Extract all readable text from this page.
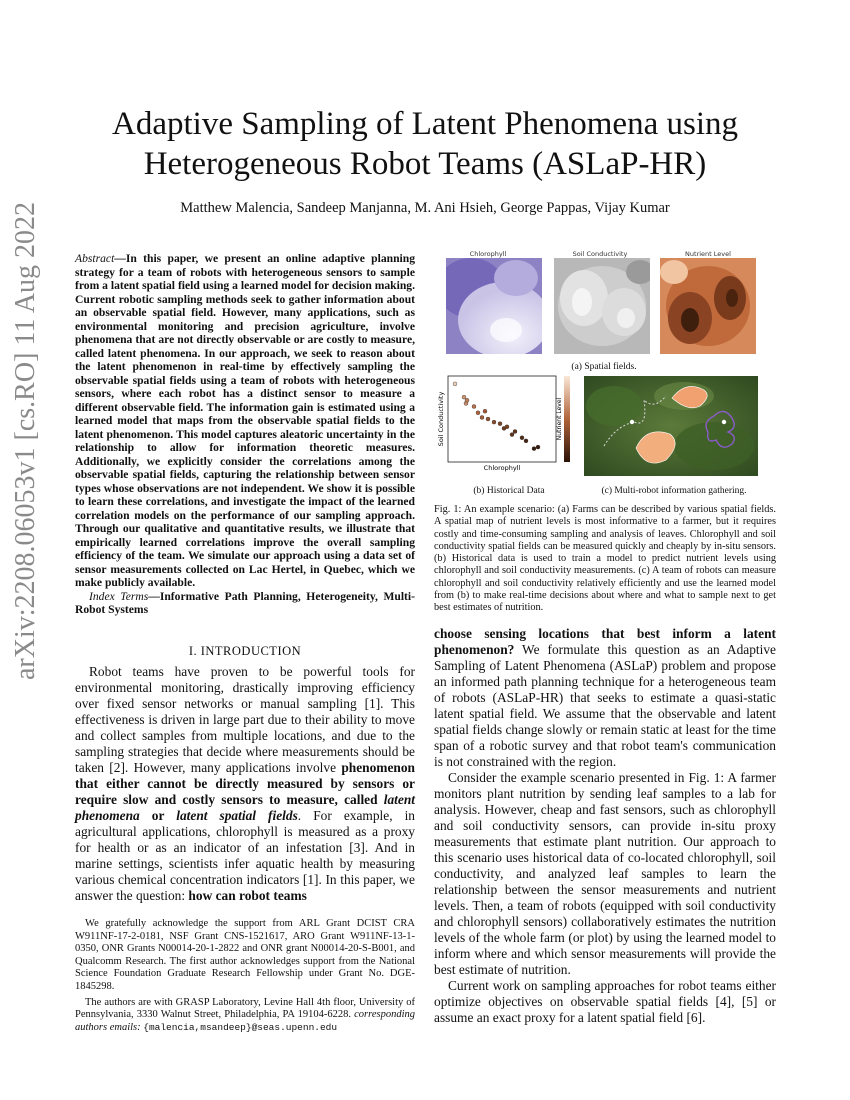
Adaptive Sampling of Latent Phenomena using Heterogeneous Robot Teams (ASLaP-HR)
Matthew Malencia, Sandeep Manjanna, M. Ani Hsieh, George Pappas, Vijay Kumar
arXiv:2208.06053v1 [cs.RO] 11 Aug 2022	Abstract—In this paper, we present an online adaptive planning strategy for a team of robots with heterogeneous sensors to sample from a latent spatial field using a learned model for decision making. Current robotic sampling methods seek to gather information about an observable spatial field. However, many applications, such as environmental monitoring and precision agriculture, involve phenomena that are not directly observable or are costly to measure, called latent phenomena. In our approach, we seek to reason about the latent phenomenon in real-time by effectively sampling the observable spatial fields using a team of robots with heterogeneous sensors, where each robot has a distinct sensor to measure a different observable field. The information gain is estimated using a learned model that maps from the observable spatial fields to the latent phenomenon. This model captures aleatoric uncertainty in the relationship to allow for information theoretic measures. Additionally, we explicitly consider the correlations among the observable spatial fields, capturing the relationship between sensor types whose observations are not independent. We show it is possible to learn these correlations, and investigate the impact of the learned correlation models on the performance of our sampling approach. Through our qualitative and quantitative results, we illustrate that empirically learned correlations improve the overall sampling efficiency of the team. We simulate our approach using a data set of sensor measurements collected on Lac Hertel, in Quebec, which we make publicly available.

Index Terms—Informative Path Planning, Heterogeneity, Multi-Robot Systems

I. INTRODUCTION

Robot teams have proven to be powerful tools for environmental monitoring, drastically improving efficiency over fixed sensor networks or manual sampling [1]. This effectiveness is driven in large part due to their ability to move and collect samples from multiple locations, and due to the sampling strategies that decide where measurements should be taken [2]. However, many applications involve phenomenon that either cannot be directly measured by sensors or require slow and costly sensors to measure, called latent phenomena or latent spatial fields. For example, in agricultural applications, chlorophyll is measured as a proxy for health or as an indicator of an infestation [3]. And in marine settings, scientists infer aquatic health by measuring various chemical concentration indicators [1]. In this paper, we answer the question: how can robot teams

We gratefully acknowledge the support from ARL Grant DCIST CRA W911NF-17-2-0181, NSF Grant CNS-1521617, ARO Grant W911NF-13-1-0350, ONR Grants N00014-20-1-2822 and ONR grant N00014-20-S-B001, and Qualcomm Research. The first author acknowledges support from the National Science Foundation Graduate Research Fellowship under Grant No. DGE-1845298.

The authors are with GRASP Laboratory, Levine Hall 4th floor, University of Pennsylvania, 3330 Walnut Street, Philadelphia, PA 19104-6228. corresponding authors emails: {malencia,msandeep}@seas.upenn.edu

Chlorophyll	Soil Conductivity	Nutrient Level
(a) Spatial fields.
Soil Conductivity
Chlorophyll
Nutrient Level
(b) Historical Data	(c) Multi-robot information gathering.
Fig. 1: An example scenario: (a) Farms can be described by various spatial fields. A spatial map of nutrient levels is most informative to a farmer, but it requires costly and time-consuming sampling and analysis of leaves. Chlorophyll and soil conductivity spatial fields can be measured quickly and cheaply by in-situ sensors. (b) Historical data is used to train a model to predict nutrient levels using chlorophyll and soil conductivity measurements. (c) A team of robots can measure chlorophyll and soil conductivity relatively efficiently and use the learned model from (b) to make real-time decisions about where and what to sample next to get best estimates of nutrition.

choose sensing locations that best inform a latent phenomenon? We formulate this question as an Adaptive Sampling of Latent Phenomena (ASLaP) problem and propose an informed path planning technique for a heterogeneous team of robots (ASLaP-HR) that seeks to estimate a quasi-static latent spatial field. We assume that the observable and latent spatial fields change slowly or remain static at least for the time span of a robotic survey and that robot team's communication is not constrained with the region.

Consider the example scenario presented in Fig. 1: A farmer monitors plant nutrition by sending leaf samples to a lab for analysis. However, cheap and fast sensors, such as chlorophyll and soil conductivity sensors, can provide in-situ proxy measurements that estimate plant nutrition. Our approach to this scenario uses historical data of co-located chlorophyll, soil conductivity, and analyzed leaf samples to learn the relationship between the sensor measurements and nutrient levels. Then, a team of robots (equipped with soil conductivity and chlorophyll sensors) collaboratively estimates the nutrition levels of the whole farm (or plot) by using the learned model to inform where and which sensor measurements will provide the best estimate of nutrition.

Current work on sampling approaches for robot teams either optimize objectives on observable spatial fields [4], [5] or assume an exact proxy for a latent spatial field [6].
